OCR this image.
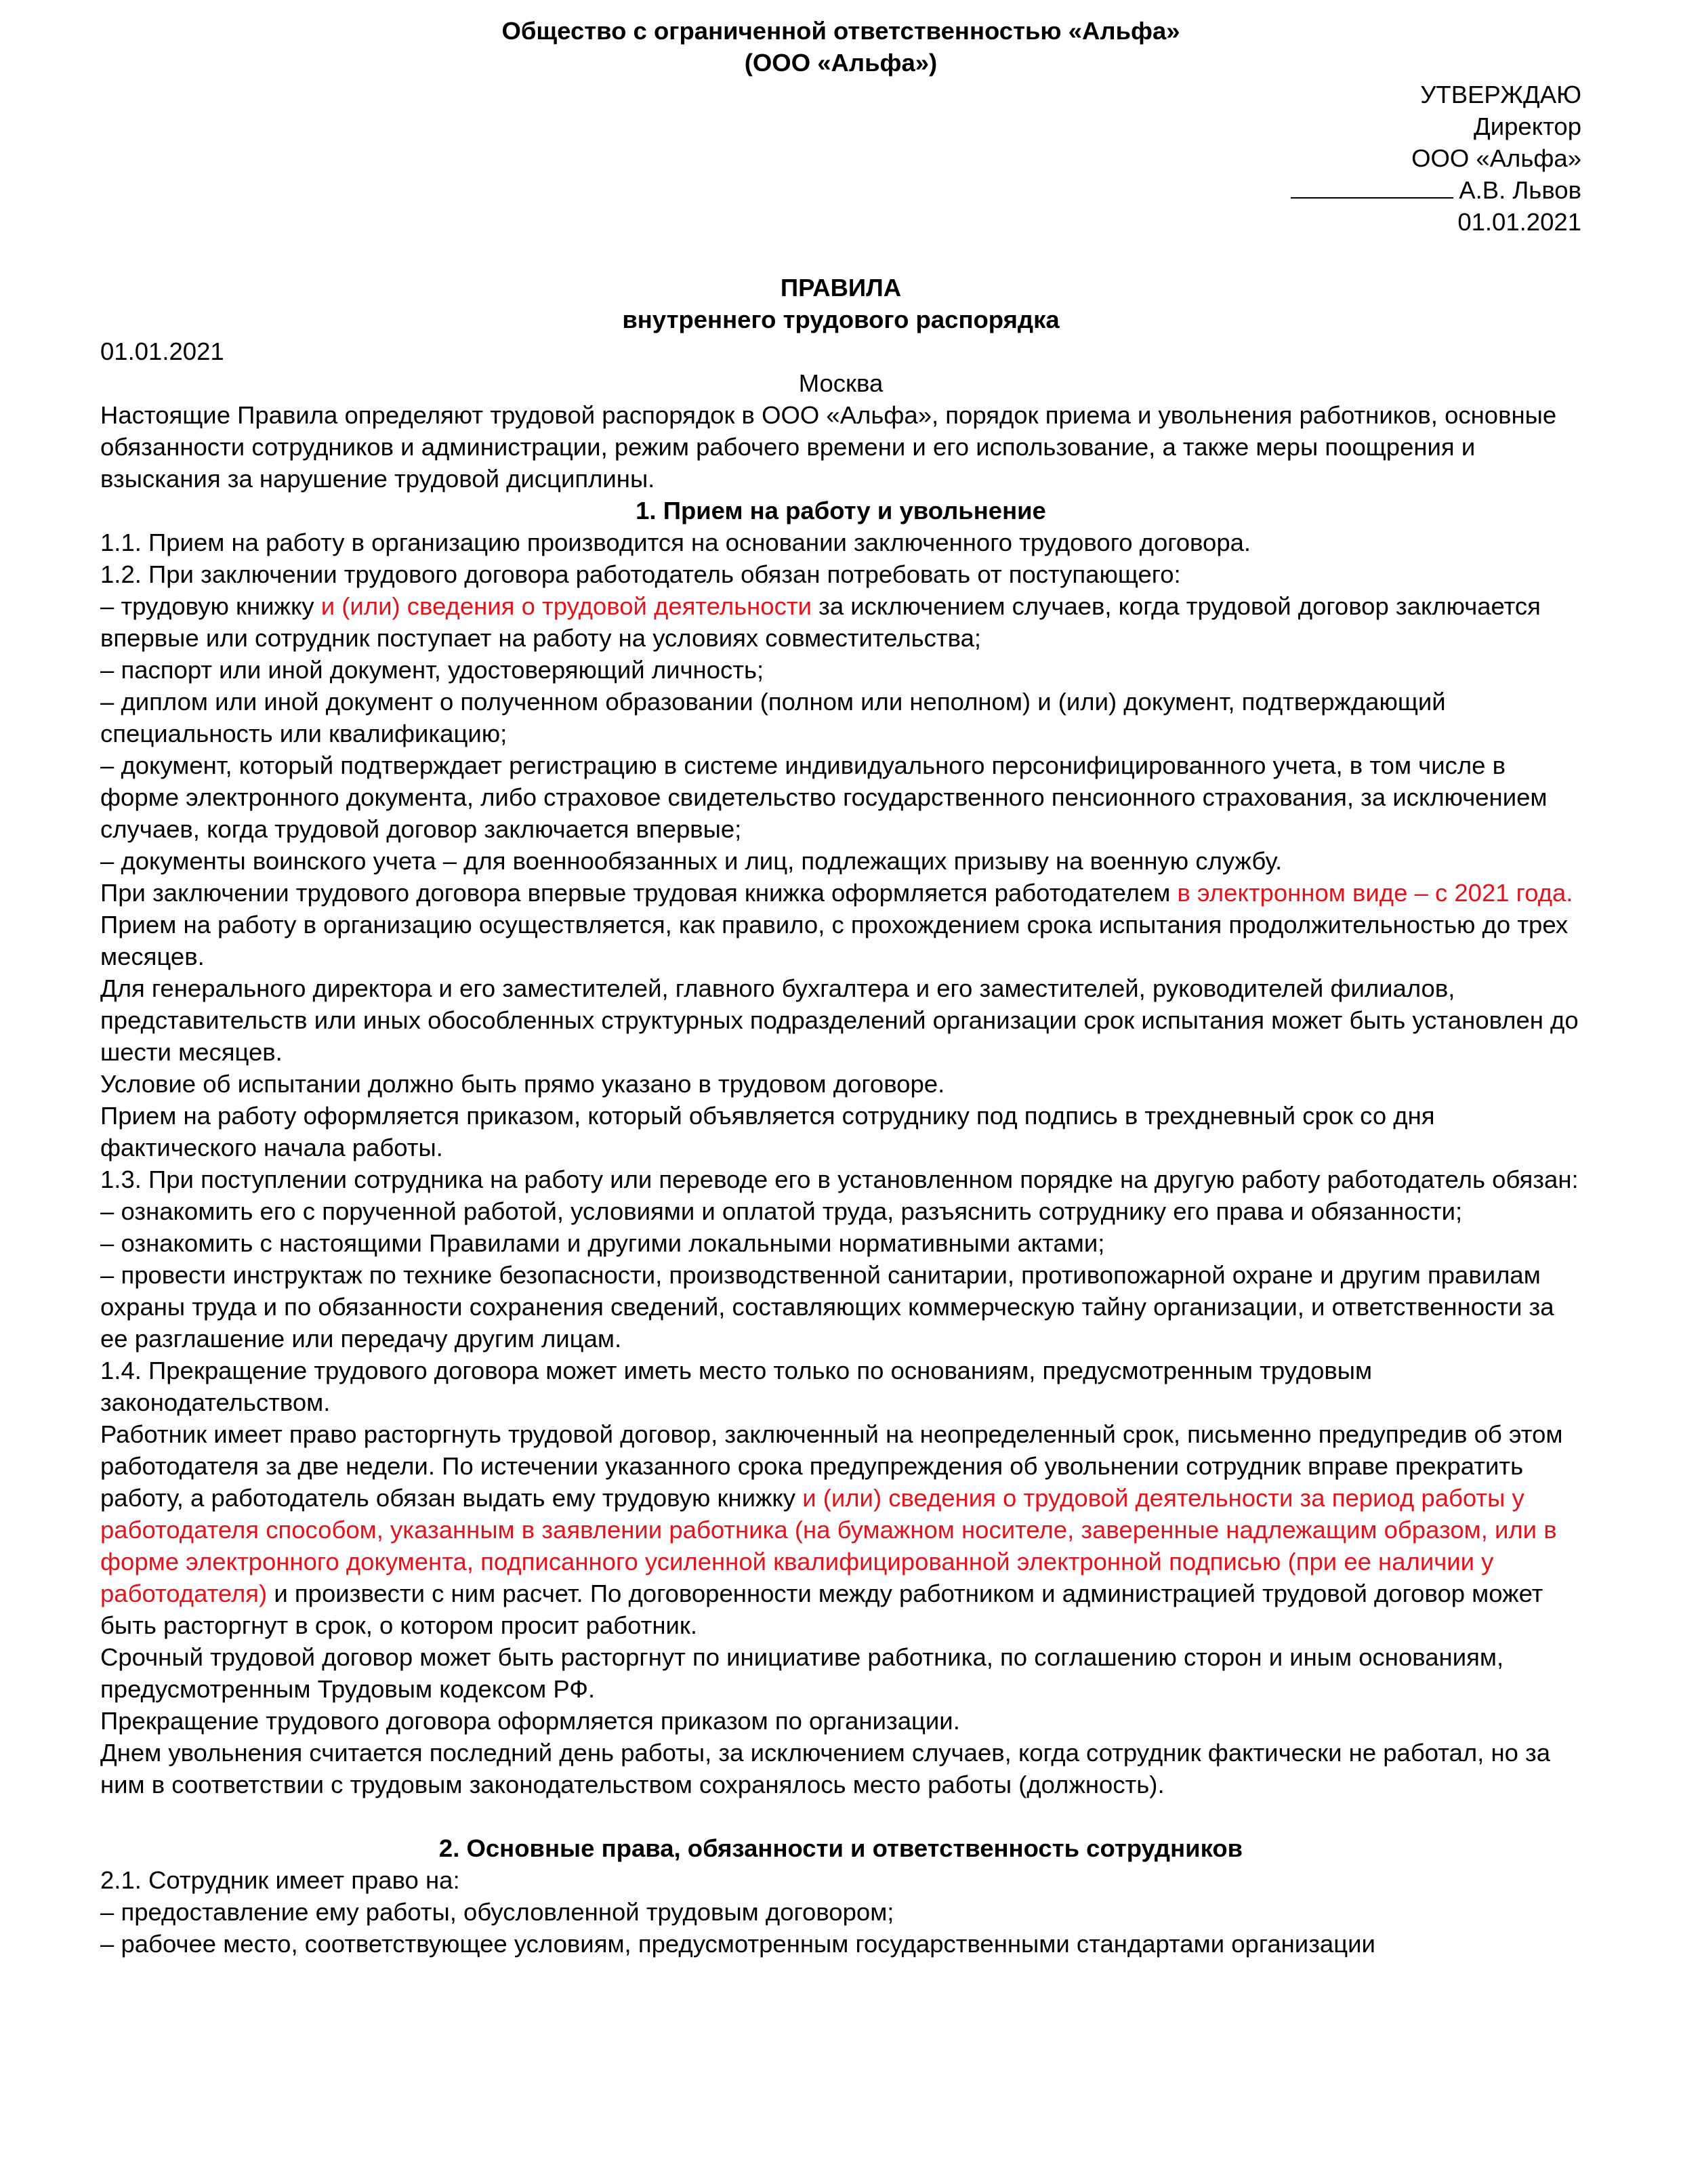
Общество с ограниченной ответственностью «Альфа»

(ООО «Альфа»)

УТВЕРЖДАЮ

Директор

ООО «Альфа»

А.В. Львов

01.01.2021

ПРАВИЛА

внутреннего трудового распорядка

01.01.2021

Москва

Настоящие Правила определяют трудовой распорядок в ООО «Альфа», порядок приема и увольнения работников, основные обязанности сотрудников и администрации, режим рабочего времени и его использование, а также меры поощрения и взыскания за нарушение трудовой дисциплины.

1. Прием на работу и увольнение

1.1. Прием на работу в организацию производится на основании заключенного трудового договора.

1.2. При заключении трудового договора работодатель обязан потребовать от поступающего:

– трудовую книжку и (или) сведения о трудовой деятельности за исключением случаев, когда трудовой договор заключается впервые или сотрудник поступает на работу на условиях совместительства;

– паспорт или иной документ, удостоверяющий личность;

– диплом или иной документ о полученном образовании (полном или неполном) и (или) документ, подтверждающий специальность или квалификацию;

– документ, который подтверждает регистрацию в системе индивидуального персонифицированного учета, в том числе в форме электронного документа, либо страховое свидетельство государственного пенсионного страхования, за исключением случаев, когда трудовой договор заключается впервые;

– документы воинского учета – для военнообязанных и лиц, подлежащих призыву на военную службу.

При заключении трудового договора впервые трудовая книжка оформляется работодателем в электронном виде – с 2021 года.

Прием на работу в организацию осуществляется, как правило, с прохождением срока испытания продолжительностью до трех месяцев.

Для генерального директора и его заместителей, главного бухгалтера и его заместителей, руководителей филиалов, представительств или иных обособленных структурных подразделений организации срок испытания может быть установлен до шести месяцев.

Условие об испытании должно быть прямо указано в трудовом договоре.

Прием на работу оформляется приказом, который объявляется сотруднику под подпись в трехдневный срок со дня фактического начала работы.

1.3. При поступлении сотрудника на работу или переводе его в установленном порядке на другую работу работодатель обязан:

– ознакомить его с порученной работой, условиями и оплатой труда, разъяснить сотруднику его права и обязанности;

– ознакомить с настоящими Правилами и другими локальными нормативными актами;

– провести инструктаж по технике безопасности, производственной санитарии, противопожарной охране и другим правилам охраны труда и по обязанности сохранения сведений, составляющих коммерческую тайну организации, и ответственности за ее разглашение или передачу другим лицам.

1.4. Прекращение трудового договора может иметь место только по основаниям, предусмотренным трудовым законодательством.

Работник имеет право расторгнуть трудовой договор, заключенный на неопределенный срок, письменно предупредив об этом работодателя за две недели. По истечении указанного срока предупреждения об увольнении сотрудник вправе прекратить работу, а работодатель обязан выдать ему трудовую книжку и (или) сведения о трудовой деятельности за период работы у работодателя способом, указанным в заявлении работника (на бумажном носителе, заверенные надлежащим образом, или в форме электронного документа, подписанного усиленной квалифицированной электронной подписью (при ее наличии у работодателя) и произвести с ним расчет. По договоренности между работником и администрацией трудовой договор может быть расторгнут в срок, о котором просит работник.

Срочный трудовой договор может быть расторгнут по инициативе работника, по соглашению сторон и иным основаниям, предусмотренным Трудовым кодексом РФ.

Прекращение трудового договора оформляется приказом по организации.

Днем увольнения считается последний день работы, за исключением случаев, когда сотрудник фактически не работал, но за ним в соответствии с трудовым законодательством сохранялось место работы (должность).

2. Основные права, обязанности и ответственность сотрудников

2.1. Сотрудник имеет право на:

– предоставление ему работы, обусловленной трудовым договором;

– рабочее место, соответствующее условиям, предусмотренным государственными стандартами организации
